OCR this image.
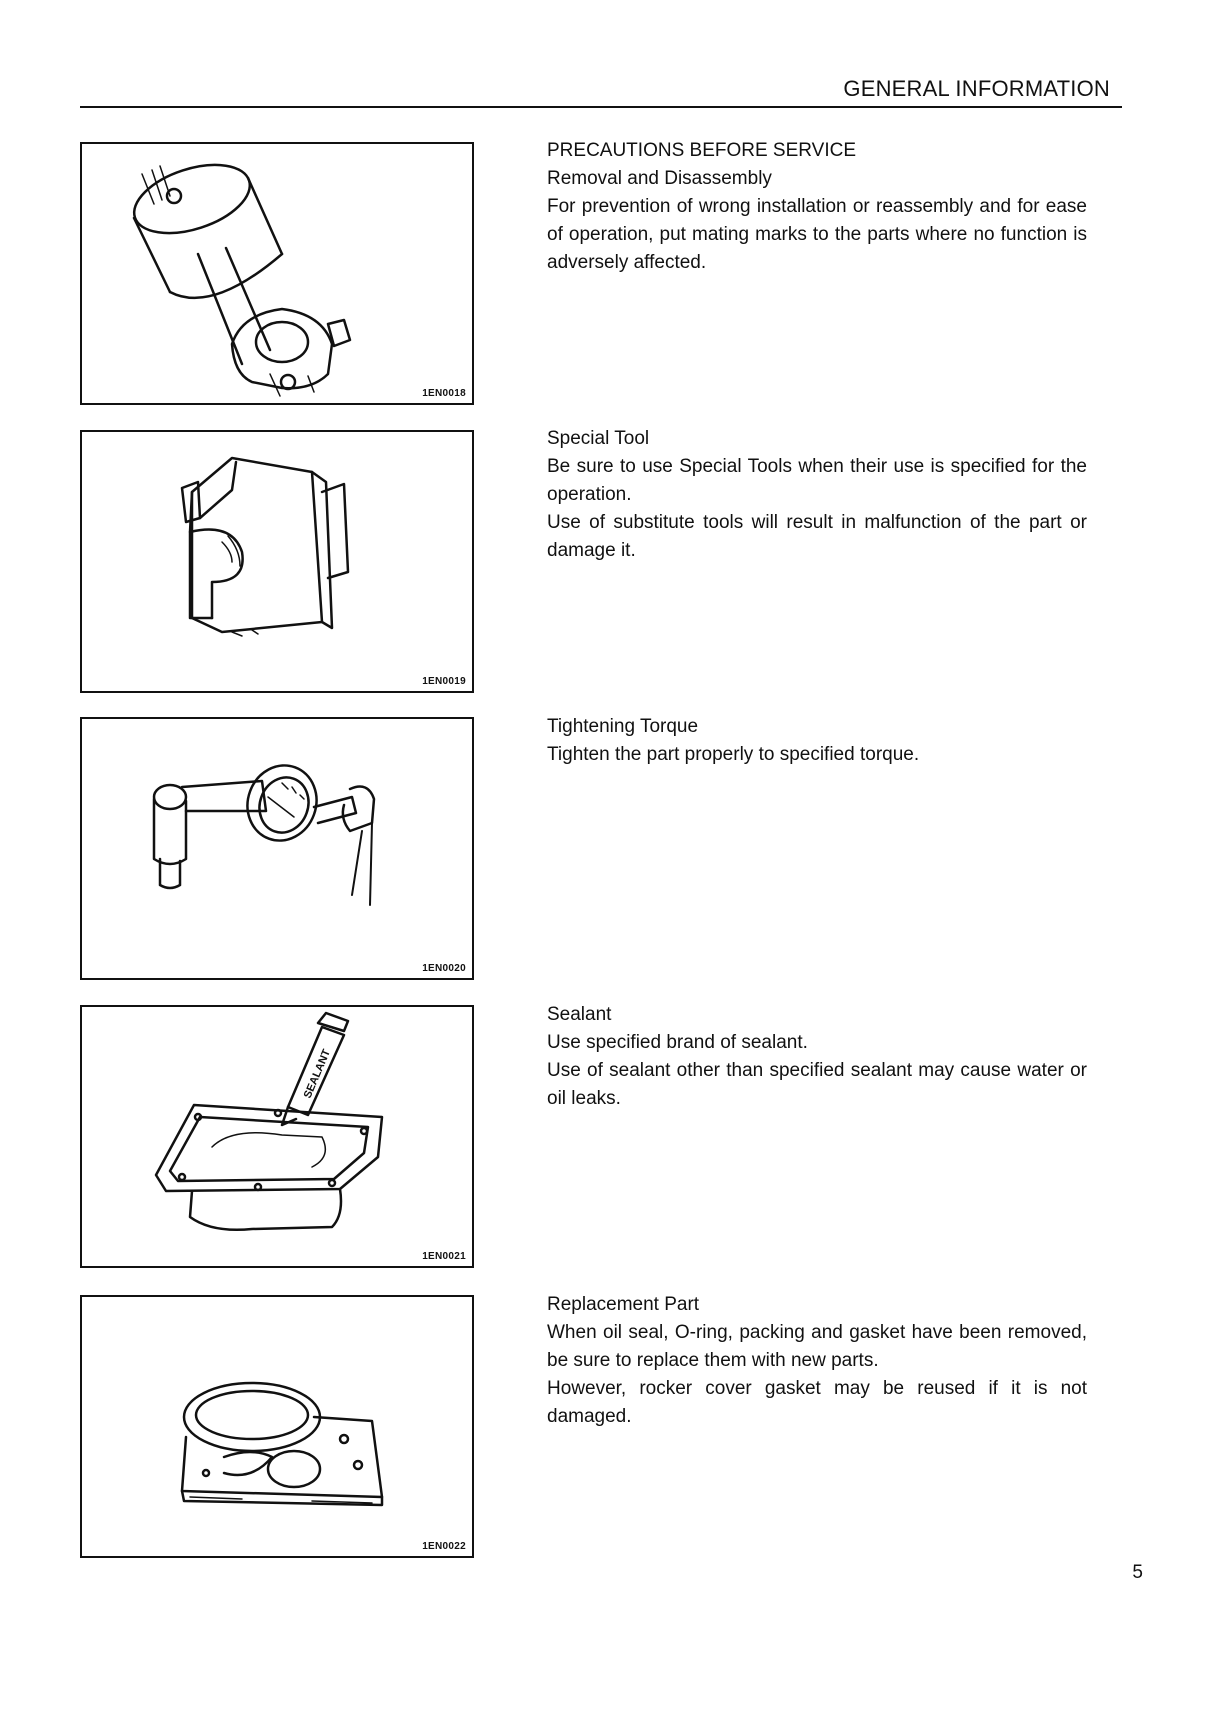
GENERAL INFORMATION
1EN0018
PRECAUTIONS BEFORE SERVICE
Removal and Disassembly

For prevention of wrong installation or reassembly and for ease of operation, put mating marks to the parts where no function is adversely affected.

1EN0019
Special Tool

Be sure to use Special Tools when their use is specified for the operation.

Use of substitute tools will result in malfunction of the part or damage it.

1EN0020
Tightening Torque

Tighten the part properly to specified torque.

SEALANT
1EN0021
Sealant

Use specified brand of sealant.

Use of sealant other than specified sealant may cause water or oil leaks.

1EN0022
Replacement Part

When oil seal, O-ring, packing and gasket have been removed, be sure to replace them with new parts.

However, rocker cover gasket may be reused if it is not damaged.

5
